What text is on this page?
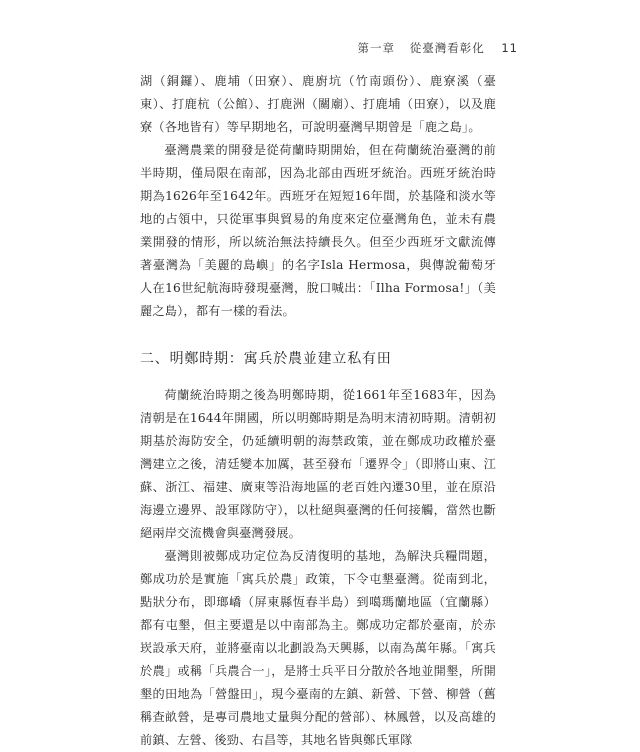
第一章 從臺灣看彰化 11

湖（銅鑼）、鹿埔（田寮）、鹿廚坑（竹南頭份）、鹿寮溪（臺東）、打鹿杭（公館）、打鹿洲（關廟）、打鹿埔（田寮），以及鹿寮（各地皆有）等早期地名，可說明臺灣早期曾是「鹿之島」。

臺灣農業的開發是從荷蘭時期開始，但在荷蘭統治臺灣的前半時期，僅局限在南部，因為北部由西班牙統治。西班牙統治時期為1626年至1642年。西班牙在短短16年間，於基隆和淡水等地的占領中，只從軍事與貿易的角度來定位臺灣角色，並未有農業開發的情形，所以統治無法持續長久。但至少西班牙文獻流傳著臺灣為「美麗的島嶼」的名字Isla Hermosa，與傳說葡萄牙人在16世紀航海時發現臺灣，脫口喊出：「Ilha Formosa!」（美麗之島），都有一樣的看法。

二、明鄭時期：寓兵於農並建立私有田

荷蘭統治時期之後為明鄭時期，從1661年至1683年，因為清朝是在1644年開國，所以明鄭時期是為明末清初時期。清朝初期基於海防安全，仍延續明朝的海禁政策，並在鄭成功政權於臺灣建立之後，清廷變本加厲，甚至發布「遷界令」（即將山東、江蘇、浙江、福建、廣東等沿海地區的老百姓內遷30里，並在原沿海邊立邊界、設軍隊防守），以杜絕與臺灣的任何接觸，當然也斷絕兩岸交流機會與臺灣發展。

臺灣則被鄭成功定位為反清復明的基地，為解決兵糧問題，鄭成功於是實施「寓兵於農」政策，下令屯墾臺灣。從南到北，點狀分布，即瑯嶠（屏東縣恆春半島）到噶瑪蘭地區（宜蘭縣）都有屯墾，但主要還是以中南部為主。鄭成功定都於臺南，於赤崁設承天府，並將臺南以北劃設為天興縣，以南為萬年縣。「寓兵於農」或稱「兵農合一」，是將士兵平日分散於各地並開墾，所開墾的田地為「營盤田」，現今臺南的左鎮、新營、下營、柳營（舊稱查畝營，是專司農地丈量與分配的營部）、林鳳營，以及高雄的前鎮、左營、後勁、右昌等，其地名皆與鄭氏軍隊
